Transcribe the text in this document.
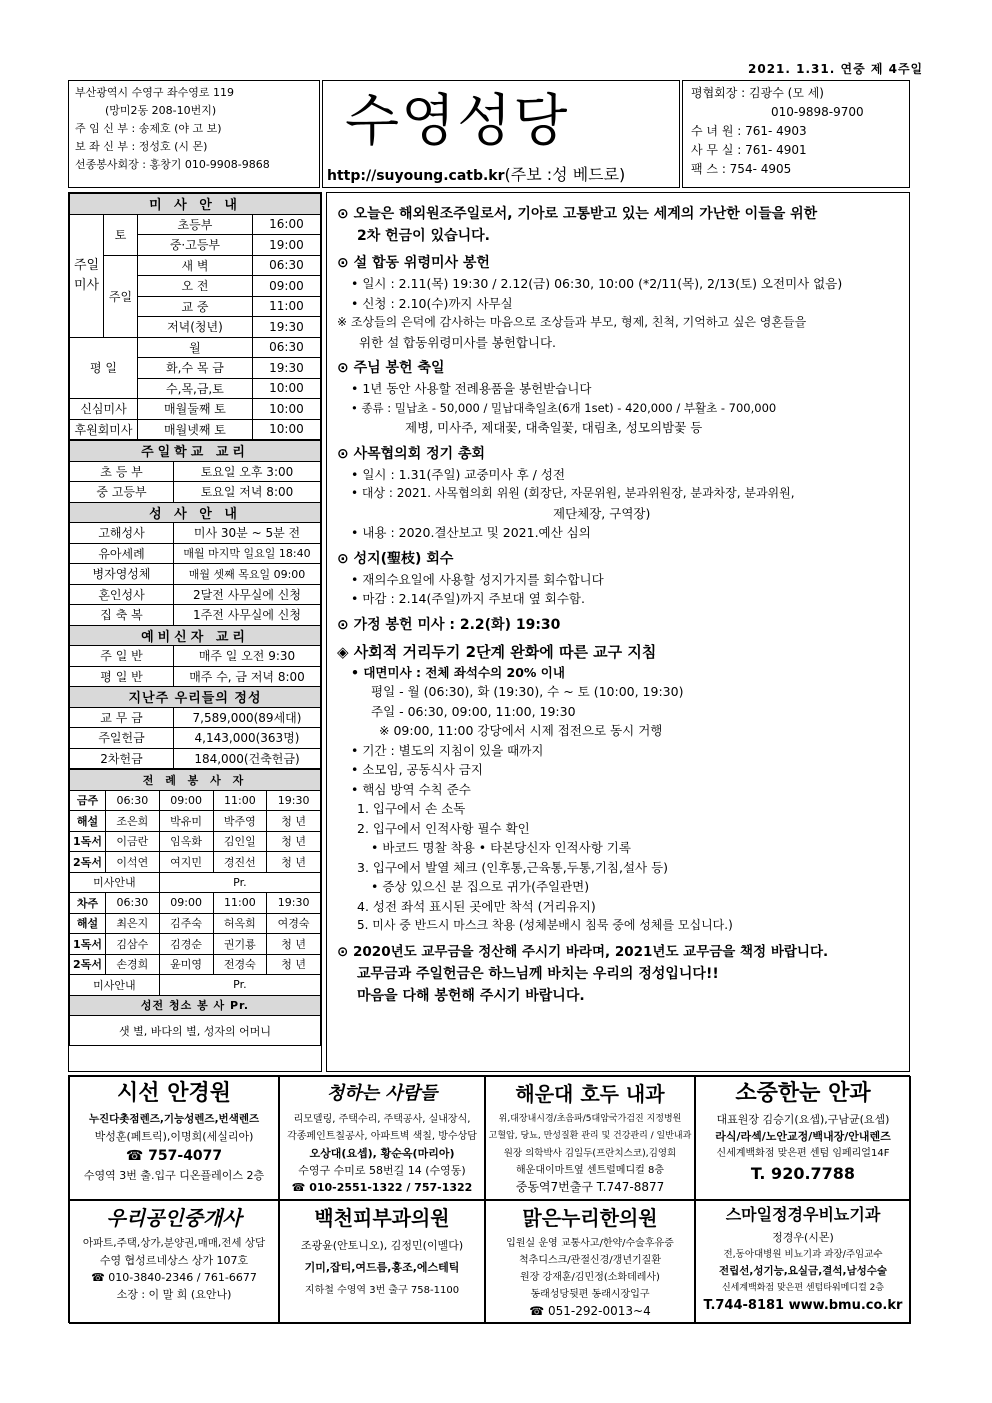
2021. 1.31. 연중 제 4주일
부산광역시 수영구 좌수영로 119
(망미2동 208-10번지)
주 임 신 부 : 송제호 (야 고 보)
보 좌 신 부 : 정성호 (시 몬)
선종봉사회장 : 홍창기 010-9908-9868
수영성당
http://suyoung.catb.kr(주보 :성 베드로)
평협회장 : 김광수 (모 세)
010-9898-9700
수 녀 원 : 761- 4903
사 무 실 : 761- 4901
팩 스 : 754- 4905
미 사 안 내			
주일미사	토	초등부	16:00
		중·고등부	19:00
	주일	새 벽	06:30
		오 전	09:00
		교 중	11:00
		저녁(청년)	19:30
평 일		월	06:30
		화,수 목 금	19:30
		수,목,금,토	10:00
신심미사		매월둘째 토	10:00
후원회미사		매월넷째 토	10:00
주일학교 교리	
초 등 부	토요일 오후 3:00
중 고등부	토요일 저녁 8:00
성 사 안 내	
고해성사	미사 30분 ~ 5분 전
유아세례	매월 마지막 일요일 18:40
병자영성체	매월 셋째 목요일 09:00
혼인성사	2달전 사무실에 신청
집 축 복	1주전 사무실에 신청
예비신자 교리	
주 일 반	매주 일 오전 9:30
평 일 반	매주 수, 금 저녁 8:00
지난주 우리들의 정성	
교 무 금	7,589,000(89세대)
주일헌금	4,143,000(363명)
2차헌금	184,000(건축헌금)
전 례 봉 사 자				
금주	06:30	09:00	11:00	19:30
해설	조은희	박유미	박주영	청 년
1독서	이금란	임옥화	김인일	청 년
2독서	이석연	여지민	경진선	청 년
미사안내		Pr.		
차주	06:30	09:00	11:00	19:30
해설	최은지	김주숙	허옥희	여경숙
1독서	김삼수	김경순	권기룡	청 년
2독서	손경희	윤미영	전경숙	청 년
미사안내		Pr.		
성전 청소 봉 사 Pr.				
샛 별, 바다의 별, 성자의 어머니				
⊙ 오늘은 해외원조주일로서, 기아로 고통받고 있는 세계의 가난한 이들을 위한
2차 헌금이 있습니다.
⊙ 설 합동 위령미사 봉헌
• 일시 : 2.11(목) 19:30 / 2.12(금) 06:30, 10:00 (*2/11(목), 2/13(토) 오전미사 없음)
• 신청 : 2.10(수)까지 사무실
※ 조상들의 은덕에 감사하는 마음으로 조상들과 부모, 형제, 친척, 기억하고 싶은 영혼들을
위한 설 합동위령미사를 봉헌합니다.
⊙ 주님 봉헌 축일
• 1년 동안 사용할 전례용품을 봉헌받습니다
• 종류 : 밀납초 - 50,000 / 밀납대축일초(6개 1set) - 420,000 / 부활초 - 700,000
제병, 미사주, 제대꽃, 대축일꽃, 대림초, 성모의밤꽃 등
⊙ 사목협의회 정기 총회
• 일시 : 1.31(주일) 교중미사 후 / 성전
• 대상 : 2021. 사목협의회 위원 (회장단, 자문위원, 분과위원장, 분과차장, 분과위원,
제단체장, 구역장)
• 내용 : 2020.결산보고 및 2021.예산 심의
⊙ 성지(聖枝) 회수
• 재의수요일에 사용할 성지가지를 회수합니다
• 마감 : 2.14(주일)까지 주보대 옆 회수함.
⊙ 가정 봉헌 미사 : 2.2(화) 19:30
◈ 사회적 거리두기 2단계 완화에 따른 교구 지침
• 대면미사 : 전체 좌석수의 20% 이내
평일 - 월 (06:30), 화 (19:30), 수 ~ 토 (10:00, 19:30)
주일 - 06:30, 09:00, 11:00, 19:30
※ 09:00, 11:00 강당에서 시제 접전으로 동시 거행
• 기간 : 별도의 지침이 있을 때까지
• 소모임, 공동식사 금지
• 핵심 방역 수칙 준수
1. 입구에서 손 소독
2. 입구에서 인적사항 필수 확인
• 바코드 명찰 착용 • 타본당신자 인적사항 기록
3. 입구에서 발열 체크 (인후통,근육통,두통,기침,설사 등)
• 증상 있으신 분 집으로 귀가(주일관면)
4. 성전 좌석 표시된 곳에만 착석 (거리유지)
5. 미사 중 반드시 마스크 착용 (성체분배시 침묵 중에 성체를 모십니다.)
⊙ 2020년도 교무금을 정산해 주시기 바라며, 2021년도 교무금을 책정 바랍니다.
교무금과 주일헌금은 하느님께 바치는 우리의 정성입니다!!
마음을 다해 봉헌해 주시기 바랍니다.
시선 안경원
누진다촛점렌즈,기능성렌즈,번색렌즈
박성훈(페트릭),이명희(세실리아)
☎ 757-4077
수영역 3번 출.입구 디온플레이스 2층
청하는 사람들
리모델링, 주택수리, 주택공사, 실내장식,
각종페인트칠공사, 아파트벽 색칠, 방수상담
오상대(요셉), 황순옥(마리아)
수영구 수미로 58번길 14 (수영동)
☎ 010-2551-1322 / 757-1322
해운대 호두 내과
위,대장내시경/초음파/5대암국가검진 지정병원
고혈압, 당뇨, 만성질환 관리 및 건강관리 / 일반내과
원장 의학박사 김일두(프란치스코),김영희
해운대이마트옆 센트럴메디컬 8층
중동역7번출구 T.747-8877
소중한눈 안과
대표원장 김승기(요셉),구남균(요셉)
라식/라섹/노안교정/백내장/안내렌즈
신세계백화점 맞은편 센텀 임페리얼14F
T. 920.7788
우리공인중개사
아파트,주택,상가,분양권,매매,전세 상담
수영 협성르네상스 상가 107호
☎ 010-3840-2346 / 761-6677
소장 : 이 말 희 (요안나)
백천피부과의원
조광윤(안토니오), 김정민(이멜다)
기미,잡티,여드름,홍조,에스테틱
지하철 수영역 3번 출구 758-1100
맑은누리한의원
입원실 운영 교통사고/한약/수술후유증
척추디스크/관절신경/갱년기질환
원장 강재훈/김민정(소화데레사)
동래성당뒷편 동래시장입구
☎ 051-292-0013~4
스마일정경우비뇨기과
정경우(시몬)
전,동아대병원 비뇨기과 과장/주임교수
전립선,성기능,요실금,결석,남성수술
신세계백화점 맞은편 센텀타워메디컬 2층
T.744-8181 www.bmu.co.kr
